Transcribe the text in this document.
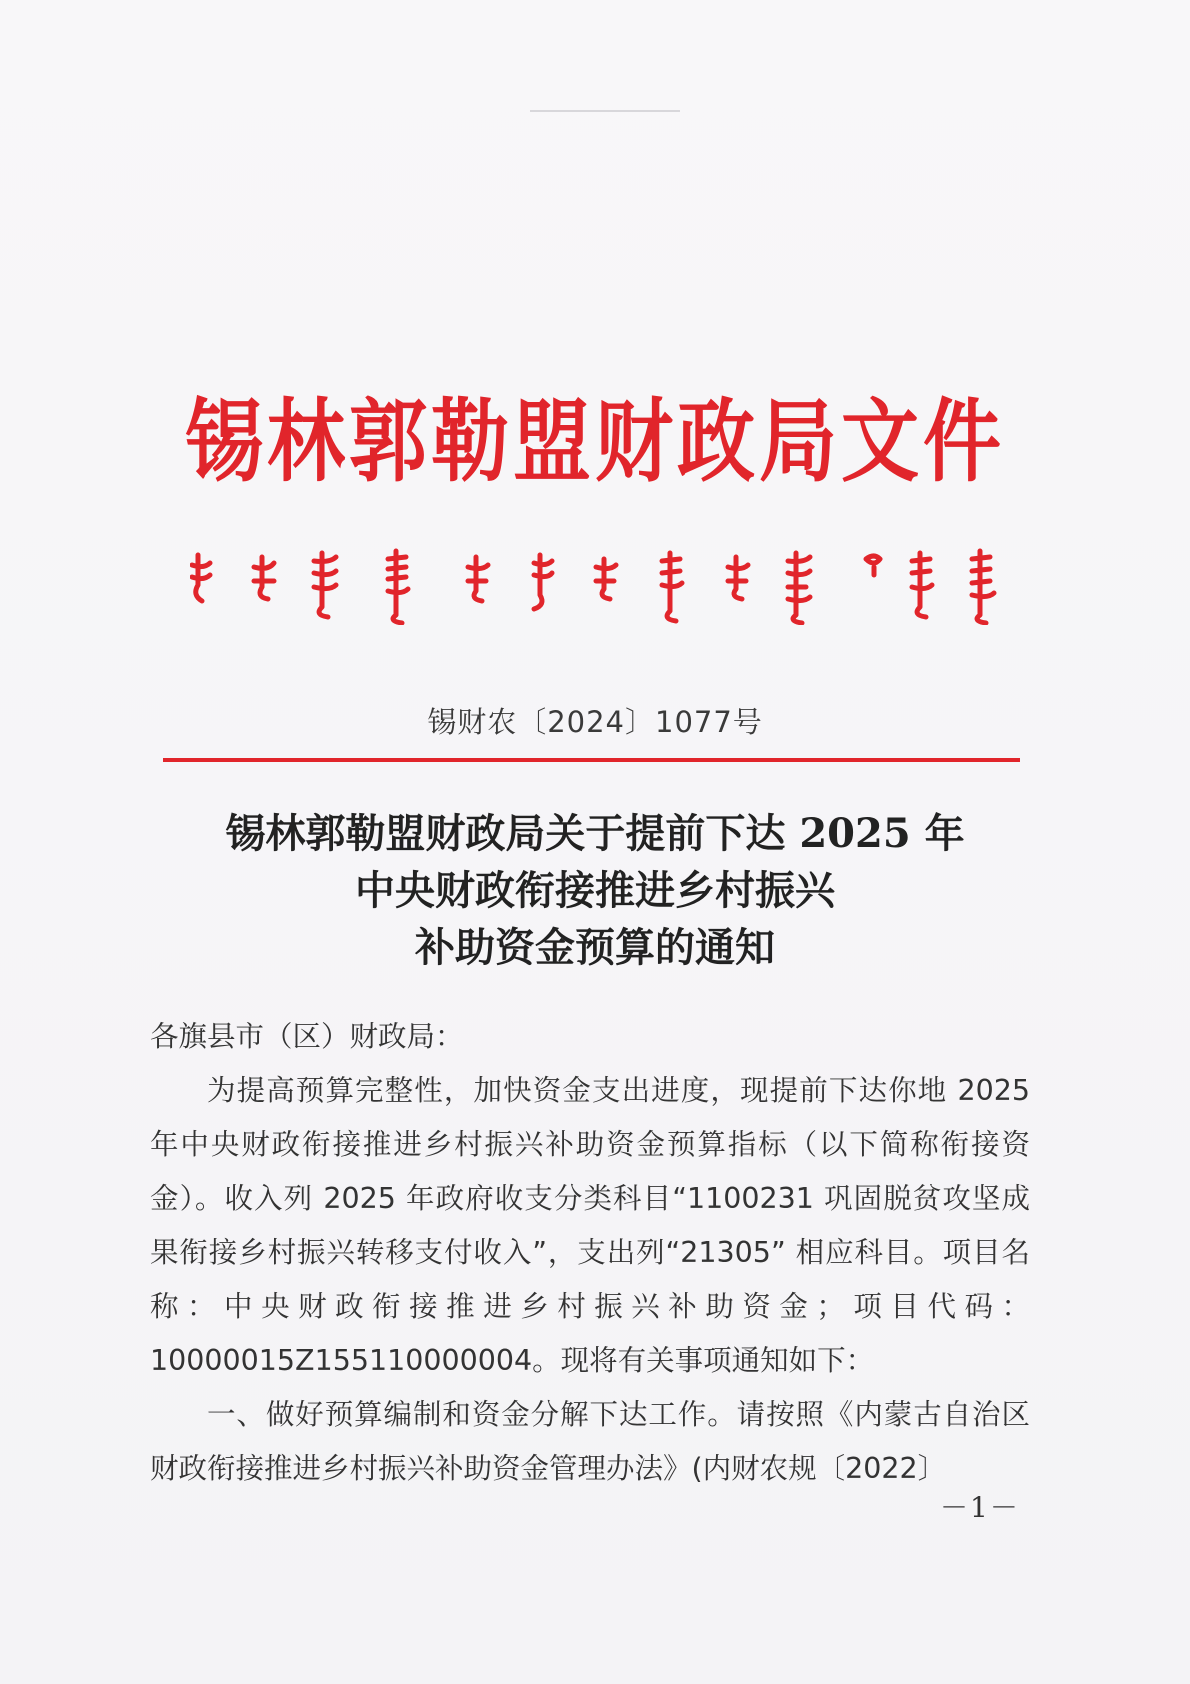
锡林郭勒盟财政局文件
锡财农〔2024〕1077号
锡林郭勒盟财政局关于提前下达 2025 年
中央财政衔接推进乡村振兴
补助资金预算的通知

各旗县市（区）财政局：

为提高预算完整性，加快资金支出进度，现提前下达你地 2025 年中央财政衔接推进乡村振兴补助资金预算指标（以下简称衔接资金）。收入列 2025 年政府收支分类科目“1100231 巩固脱贫攻坚成果衔接乡村振兴转移支付收入”，支出列“21305” 相应科目。项目名称：中央财政衔接推进乡村振兴补助资金；项目代码：10000015Z155110000004。现将有关事项通知如下：

一、做好预算编制和资金分解下达工作。请按照《内蒙古自治区财政衔接推进乡村振兴补助资金管理办法》(内财农规〔2022〕

－1－
